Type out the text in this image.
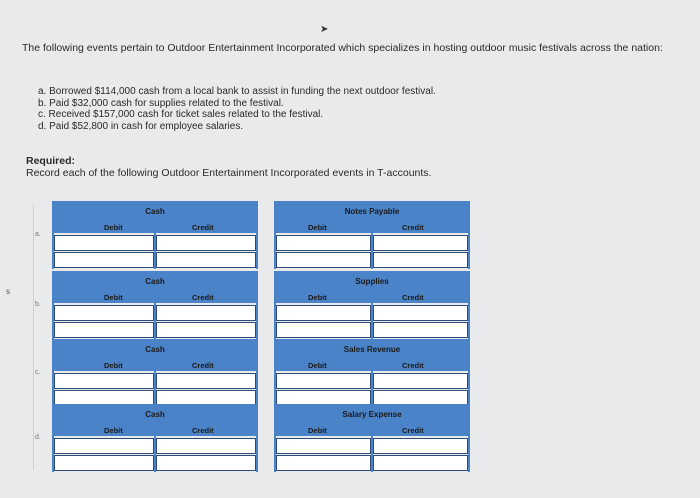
➤
s
The following events pertain to Outdoor Entertainment Incorporated which specializes in hosting outdoor music festivals across the nation:
a. Borrowed $114,000 cash from a local bank to assist in funding the next outdoor festival.
b. Paid $32,000 cash for supplies related to the festival.
c. Received $157,000 cash for ticket sales related to the festival.
d. Paid $52,800 in cash for employee salaries.
Required:
Record each of the following Outdoor Entertainment Incorporated events in T-accounts.
a.
Cash
Debit	Credit
Notes Payable
Debit	Credit
b.
Cash
Debit	Credit
Supplies
Debit	Credit
c.
Cash
Debit	Credit
Sales Revenue
Debit	Credit
d.
Cash
Debit	Credit
Salary Expense
Debit	Credit
